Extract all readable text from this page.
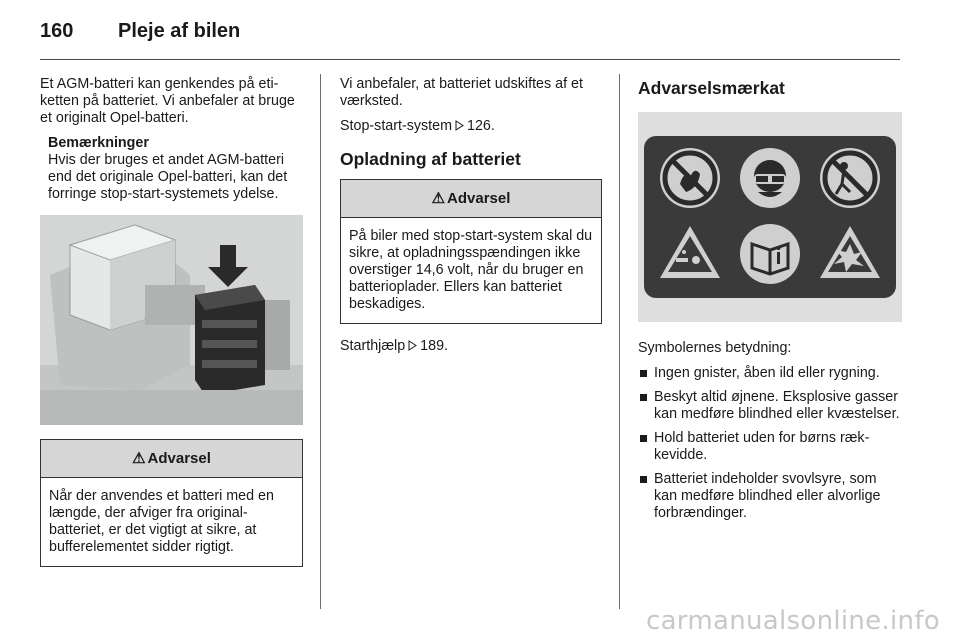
160	Pleje af bilen

Et AGM-batteri kan genkendes på etiketten på batteriet. Vi anbefaler at bruge et originalt Opel-batteri.

Bemærkninger
Hvis der bruges et andet AGM-batteri end det originale Opel-batteri, kan det forringe stop-start-systemets ydelse.
⚠ Advarsel
Når der anvendes et batteri med en længde, der afviger fra originalbatteriet, er det vigtigt at sikre, at bufferelementet sidder rigtigt.

Vi anbefaler, at batteriet udskiftes af et værksted.

Stop-start-system 126.

Opladning af batteriet
⚠ Advarsel
På biler med stop-start-system skal du sikre, at opladningsspændingen ikke overstiger 14,6 volt, når du bruger en batterioplader. Ellers kan batteriet beskadiges.

Starthjælp 189.

Advarselsmærkat

Symbolernes betydning:

Ingen gnister, åben ild eller rygning.
Beskyt altid øjnene. Eksplosive gasser kan medføre blindhed eller kvæstelser.
Hold batteriet uden for børns rækkevidde.
Batteriet indeholder svovlsyre, som kan medføre blindhed eller alvorlige forbrændinger.
carmanualsonline.info
